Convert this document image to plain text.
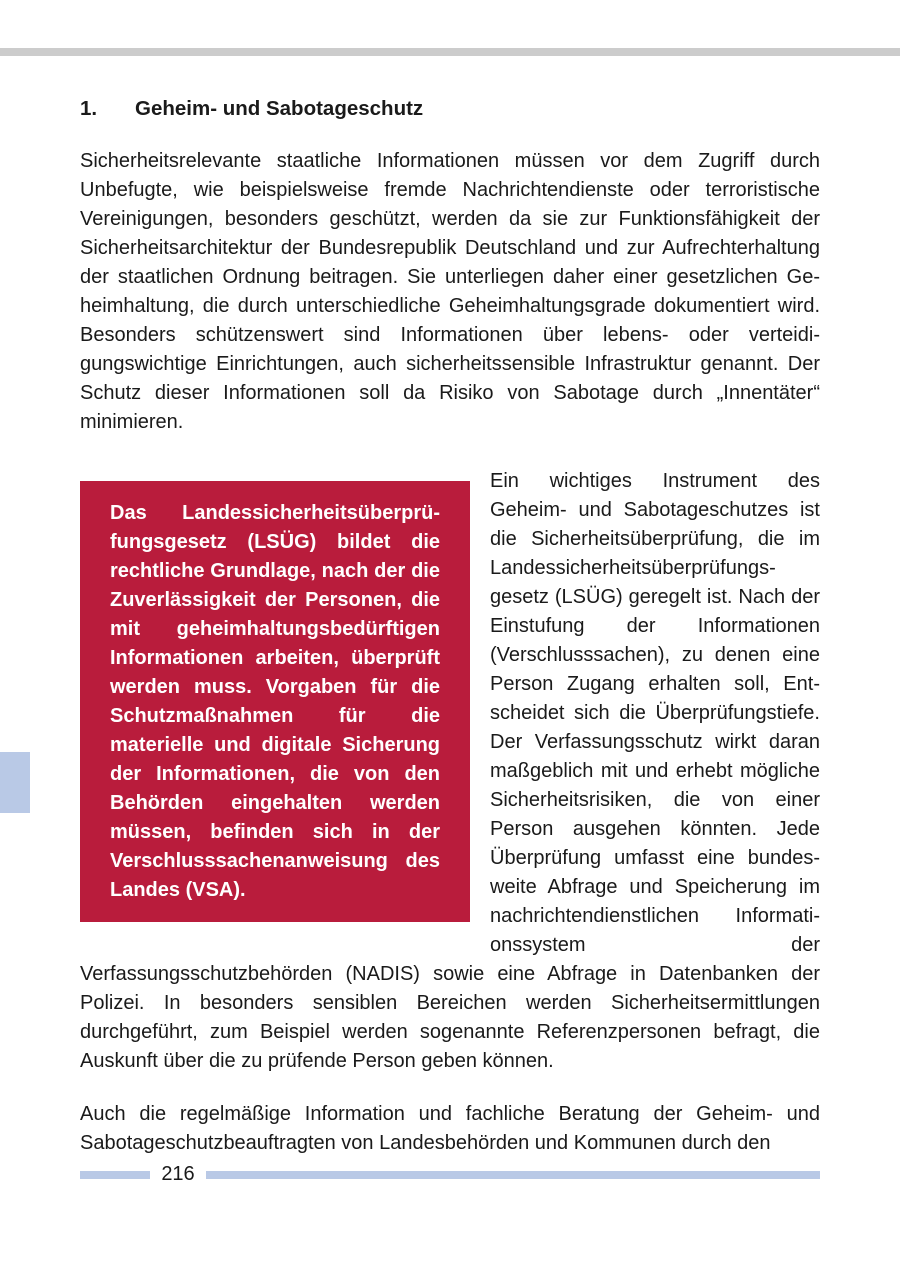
1.	Geheim- und Sabotageschutz

Sicherheitsrelevante staatliche Informationen müssen vor dem Zugriff durch Unbefugte, wie beispielsweise fremde Nachrichtendienste oder terroristische Vereinigungen, besonders geschützt, werden da sie zur Funktionsfähigkeit der Sicherheitsarchitektur der Bundesrepublik Deutschland und zur Aufrechterhaltung der staatlichen Ordnung beitragen. Sie unterliegen daher einer gesetzlichen Geheimhaltung, die durch unterschiedliche Geheimhaltungsgrade dokumentiert wird. Besonders schützenswert sind Informationen über lebens- oder verteidigungswichtige Einrichtungen, auch sicherheitssensible Infrastruktur genannt. Der Schutz dieser Informationen soll da Risiko von Sabotage durch „Innentäter“ minimieren.

Das Landessicherheitsüberprüfungsgesetz (LSÜG) bildet die rechtliche Grundlage, nach der die Zuverlässigkeit der Personen, die mit geheimhaltungsbedürftigen Informationen arbeiten, überprüft werden muss. Vorgaben für die Schutzmaßnahmen für die materielle und digitale Sicherung der Informationen, die von den Behörden eingehalten werden müssen, befinden sich in der Verschlusssachenanweisung des Landes (VSA).

Ein wichtiges Instrument des Geheim- und Sabotageschutzes ist die Sicherheitsüberprüfung, die im Landessicherheitsüberprüfungsgesetz (LSÜG) geregelt ist. Nach der Einstufung der Informationen (Verschlusssachen), zu denen eine Person Zugang erhalten soll, Entscheidet sich die Überprüfungstiefe. Der Verfassungsschutz wirkt daran maßgeblich mit und erhebt mögliche Sicherheitsrisiken, die von einer Person ausgehen könnten. Jede Überprüfung umfasst eine bundesweite Abfrage und Speicherung im nachrichtendienstlichen Informationssystem der Verfassungsschutzbehörden (NADIS) sowie eine Abfrage in Datenbanken der Polizei. In besonders sensiblen Bereichen werden Sicherheitsermittlungen durchgeführt, zum Beispiel werden sogenannte Referenzpersonen befragt, die Auskunft über die zu prüfende Person geben können.

Auch die regelmäßige Information und fachliche Beratung der Geheim- und Sabotageschutzbeauftragten von Landesbehörden und Kommunen durch den

216
